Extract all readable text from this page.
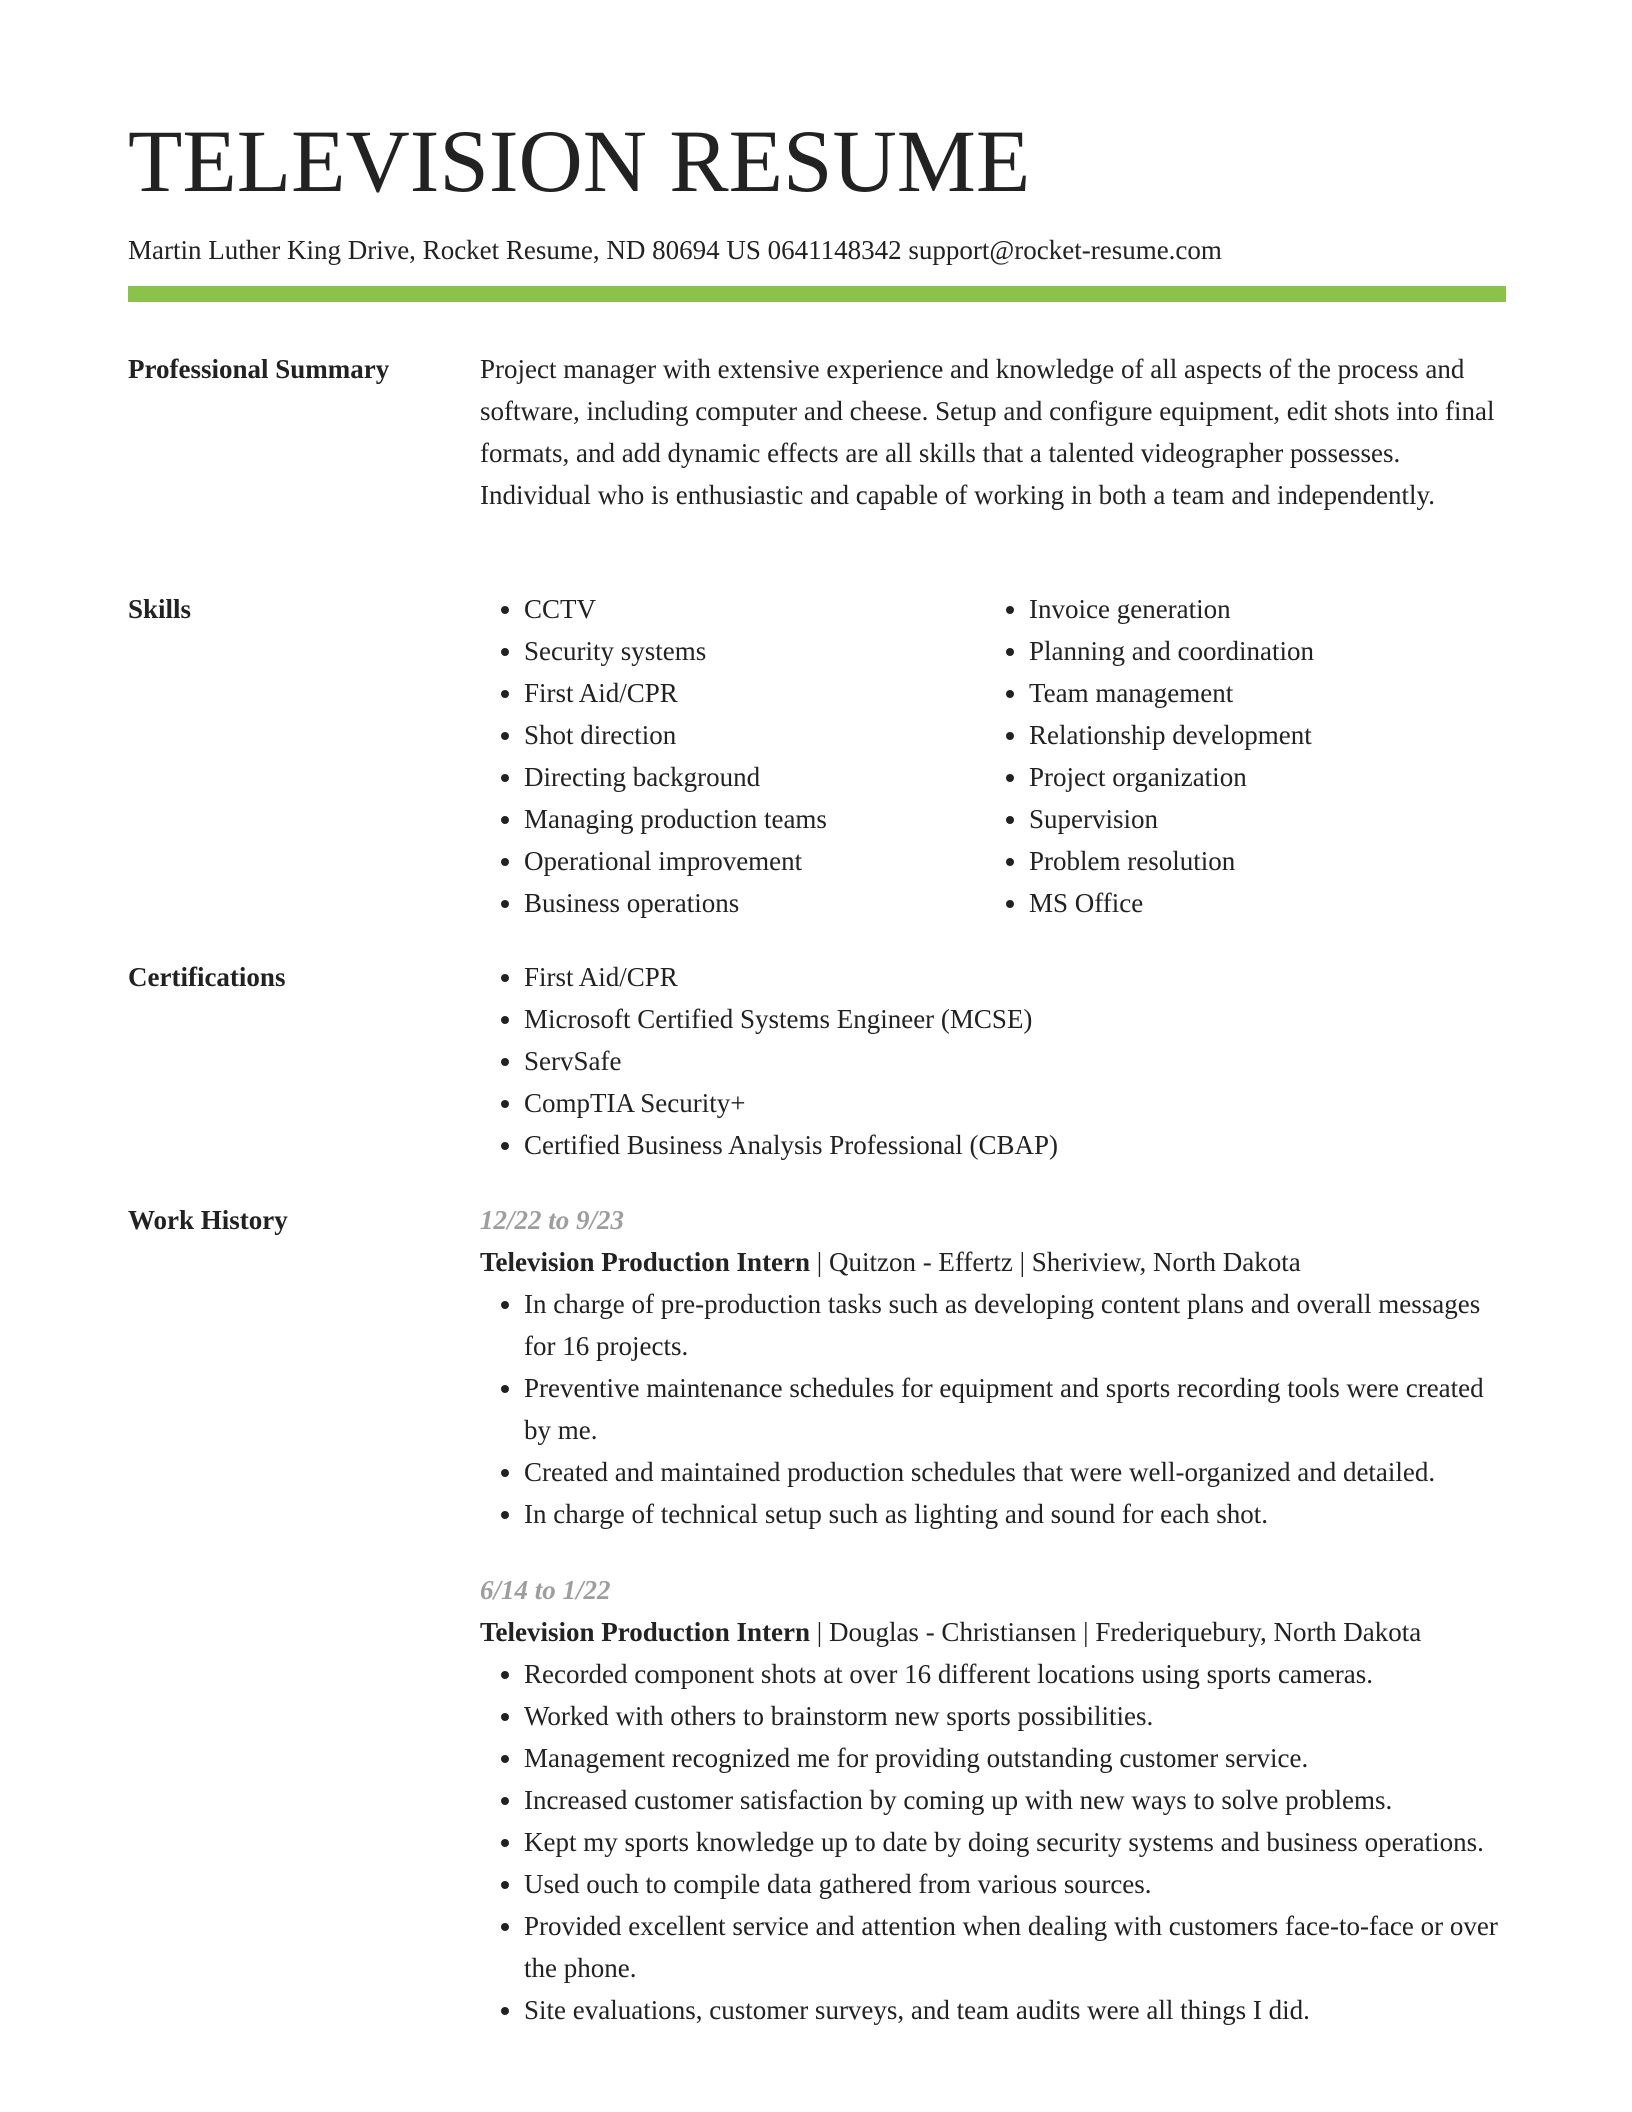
TELEVISION RESUME
Martin Luther King Drive, Rocket Resume, ND 80694 US 0641148342 support@rocket-resume.com
Professional Summary	Project manager with extensive experience and knowledge of all aspects of the process and software, including computer and cheese. Setup and configure equipment, edit shots into final formats, and add dynamic effects are all skills that a talented videographer possesses. Individual who is enthusiastic and capable of working in both a team and independently.

Skills	• CCTV
• Security systems
• First Aid/CPR
• Shot direction
• Directing background
• Managing production teams
• Operational improvement
• Business operations
• Invoice generation
• Planning and coordination
• Team management
• Relationship development
• Project organization
• Supervision
• Problem resolution
• MS Office
Certifications	• First Aid/CPR
• Microsoft Certified Systems Engineer (MCSE)
• ServSafe
• CompTIA Security+
• Certified Business Analysis Professional (CBAP)
Work History	12/22 to 9/23
Television Production Intern | Quitzon - Effertz | Sheriview, North Dakota
• In charge of pre-production tasks such as developing content plans and overall messages for 16 projects.
• Preventive maintenance schedules for equipment and sports recording tools were created by me.
• Created and maintained production schedules that were well-organized and detailed.
• In charge of technical setup such as lighting and sound for each shot.
6/14 to 1/22
Television Production Intern | Douglas - Christiansen | Frederiquebury, North Dakota
• Recorded component shots at over 16 different locations using sports cameras.
• Worked with others to brainstorm new sports possibilities.
• Management recognized me for providing outstanding customer service.
• Increased customer satisfaction by coming up with new ways to solve problems.
• Kept my sports knowledge up to date by doing security systems and business operations.
• Used ouch to compile data gathered from various sources.
• Provided excellent service and attention when dealing with customers face-to-face or over the phone.
• Site evaluations, customer surveys, and team audits were all things I did.
